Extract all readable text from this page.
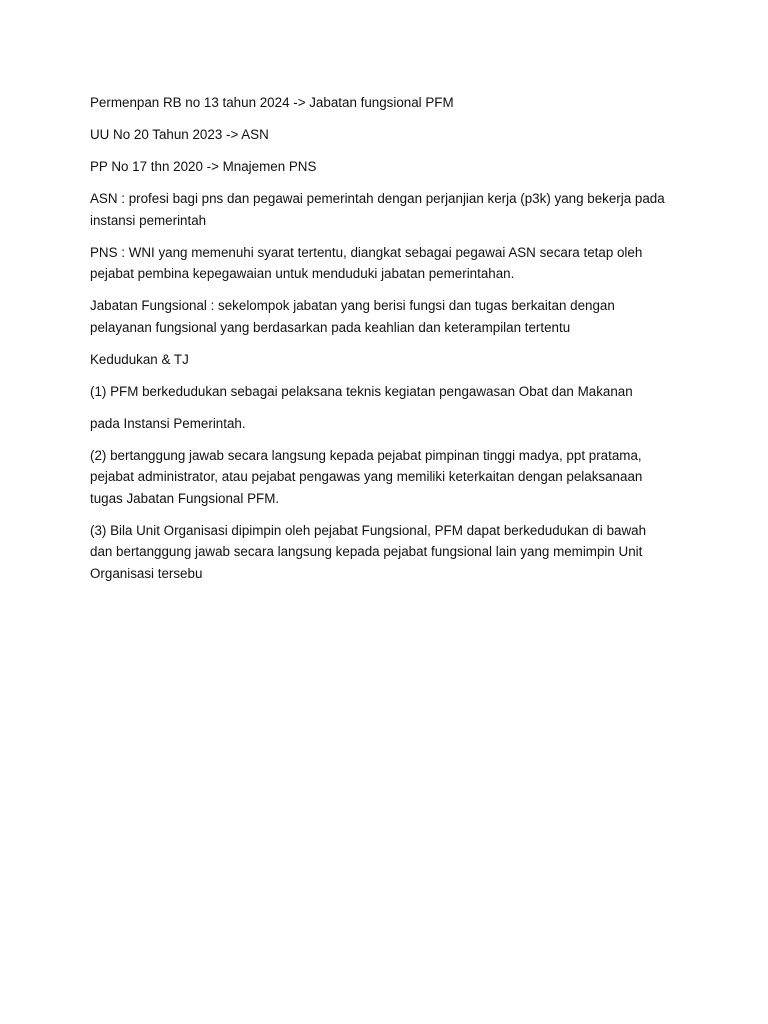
Permenpan RB no 13 tahun 2024 -> Jabatan fungsional PFM

UU No 20 Tahun 2023 -> ASN

PP No 17 thn 2020 -> Mnajemen PNS

ASN : profesi bagi pns dan pegawai pemerintah dengan perjanjian kerja (p3k) yang bekerja pada
instansi pemerintah

PNS : WNI yang memenuhi syarat tertentu, diangkat sebagai pegawai ASN secara tetap oleh
pejabat pembina kepegawaian untuk menduduki jabatan pemerintahan.

Jabatan Fungsional : sekelompok jabatan yang berisi fungsi dan tugas berkaitan dengan
pelayanan fungsional yang berdasarkan pada keahlian dan keterampilan tertentu

Kedudukan & TJ

(1) PFM berkedudukan sebagai pelaksana teknis kegiatan pengawasan Obat dan Makanan

pada Instansi Pemerintah.

(2) bertanggung jawab secara langsung kepada pejabat pimpinan tinggi madya, ppt pratama,
pejabat administrator, atau pejabat pengawas yang memiliki keterkaitan dengan pelaksanaan
tugas Jabatan Fungsional PFM.

(3) Bila Unit Organisasi dipimpin oleh pejabat Fungsional, PFM dapat berkedudukan di bawah
dan bertanggung jawab secara langsung kepada pejabat fungsional lain yang memimpin Unit
Organisasi tersebu
